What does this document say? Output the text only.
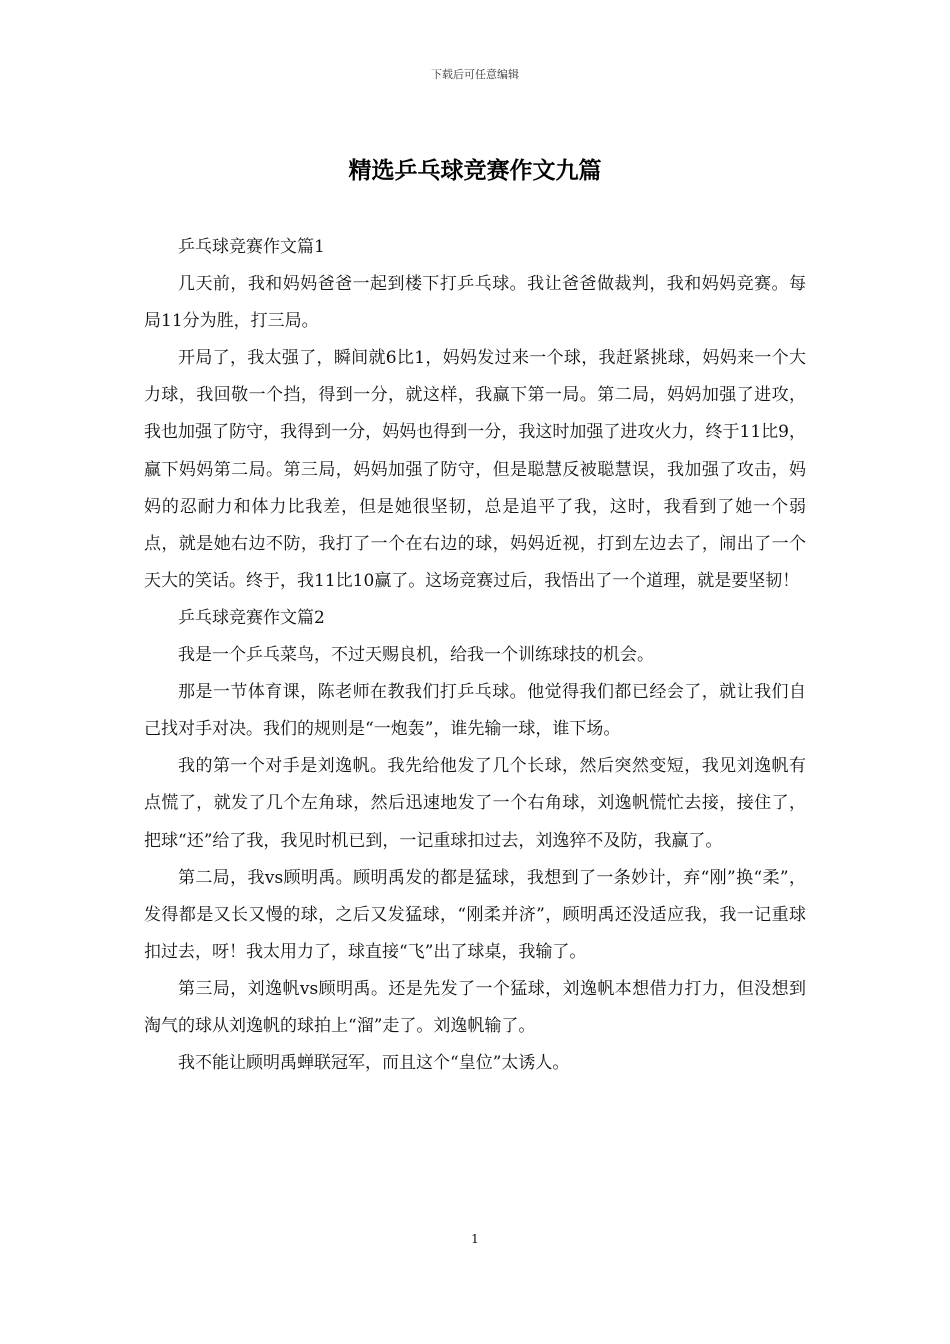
下载后可任意编辑
精选乒乓球竞赛作文九篇

乒乓球竞赛作文篇1

几天前，我和妈妈爸爸一起到楼下打乒乓球。我让爸爸做裁判，我和妈妈竞赛。每局11分为胜，打三局。

开局了，我太强了，瞬间就6比1，妈妈发过来一个球，我赶紧挑球，妈妈来一个大力球，我回敬一个挡，得到一分，就这样，我赢下第一局。第二局，妈妈加强了进攻，我也加强了防守，我得到一分，妈妈也得到一分，我这时加强了进攻火力，终于11比9，赢下妈妈第二局。第三局，妈妈加强了防守，但是聪慧反被聪慧误，我加强了攻击，妈妈的忍耐力和体力比我差，但是她很坚韧，总是追平了我，这时，我看到了她一个弱点，就是她右边不防，我打了一个在右边的球，妈妈近视，打到左边去了，闹出了一个天大的笑话。终于，我11比10赢了。这场竞赛过后，我悟出了一个道理，就是要坚韧！

乒乓球竞赛作文篇2

我是一个乒乓菜鸟，不过天赐良机，给我一个训练球技的机会。

那是一节体育课，陈老师在教我们打乒乓球。他觉得我们都已经会了，就让我们自己找对手对决。我们的规则是“一炮轰”，谁先输一球，谁下场。

我的第一个对手是刘逸帆。我先给他发了几个长球，然后突然变短，我见刘逸帆有点慌了，就发了几个左角球，然后迅速地发了一个右角球，刘逸帆慌忙去接，接住了，把球“还”给了我，我见时机已到，一记重球扣过去，刘逸猝不及防，我赢了。

第二局，我vs顾明禹。顾明禹发的都是猛球，我想到了一条妙计，弃“刚”换“柔”，发得都是又长又慢的球，之后又发猛球，“刚柔并济”，顾明禹还没适应我，我一记重球扣过去，呀！我太用力了，球直接“飞”出了球桌，我输了。

第三局，刘逸帆vs顾明禹。还是先发了一个猛球，刘逸帆本想借力打力，但没想到淘气的球从刘逸帆的球拍上“溜”走了。刘逸帆输了。

我不能让顾明禹蝉联冠军，而且这个“皇位”太诱人。

1
